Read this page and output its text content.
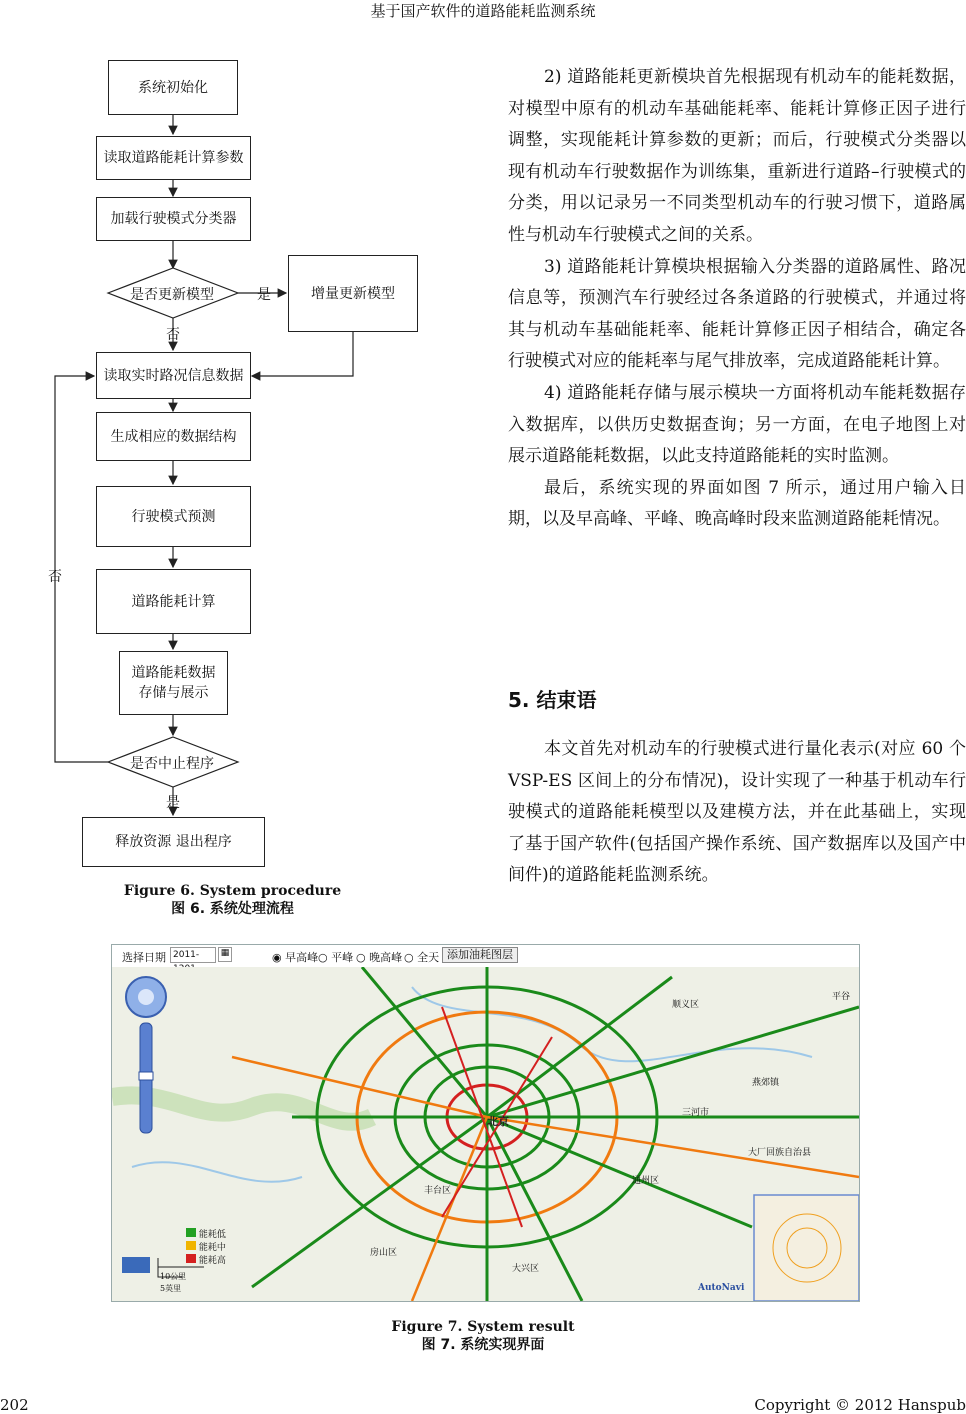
基于国产软件的道路能耗监测系统
系统初始化
读取道路能耗计算参数
加载行驶模式分类器
是否更新模型	增量更新模型
是
否
读取实时路况信息数据
生成相应的数据结构
行驶模式预测
道路能耗计算
道路能耗数据存储与展示
否
是否中止程序
是
释放资源 退出程序
Figure 6. System procedure
图 6. 系统处理流程

2) 道路能耗更新模块首先根据现有机动车的能耗数据，对模型中原有的机动车基础能耗率、能耗计算修正因子进行调整，实现能耗计算参数的更新；而后，行驶模式分类器以现有机动车行驶数据作为训练集，重新进行道路–行驶模式的分类，用以记录另一不同类型机动车的行驶习惯下，道路属性与机动车行驶模式之间的关系。

3) 道路能耗计算模块根据输入分类器的道路属性、路况信息等，预测汽车行驶经过各条道路的行驶模式，并通过将其与机动车基础能耗率、能耗计算修正因子相结合，确定各行驶模式对应的能耗率与尾气排放率，完成道路能耗计算。

4) 道路能耗存储与展示模块一方面将机动车能耗数据存入数据库，以供历史数据查询；另一方面，在电子地图上对展示道路能耗数据，以此支持道路能耗的实时监测。

最后，系统实现的界面如图 7 所示，通过用户输入日期，以及早高峰、平峰、晚高峰时段来监测道路能耗情况。

5. 结束语

本文首先对机动车的行驶模式进行量化表示(对应 60 个 VSP-ES 区间上的分布情况)，设计实现了一种基于机动车行驶模式的道路能耗模型以及建模方法，并在此基础上，实现了基于国产软件(包括国产操作系统、国产数据库以及国产中间件)的道路能耗监测系统。

选择日期 2011-	▦	◉ 早高峰 ○ 平峰 ○ 晚高峰 ○ 全天 添加油耗图层
北京
丰台区
通州区
顺义区
三河市
大厂回族自治县
房山区
大兴区
燕郊镇
平谷
能耗低
能耗中
能耗高
10公里
5英里	AutoNavi
Figure 7. System result
图 7. 系统实现界面
202	Copyright © 2012 Hanspub
